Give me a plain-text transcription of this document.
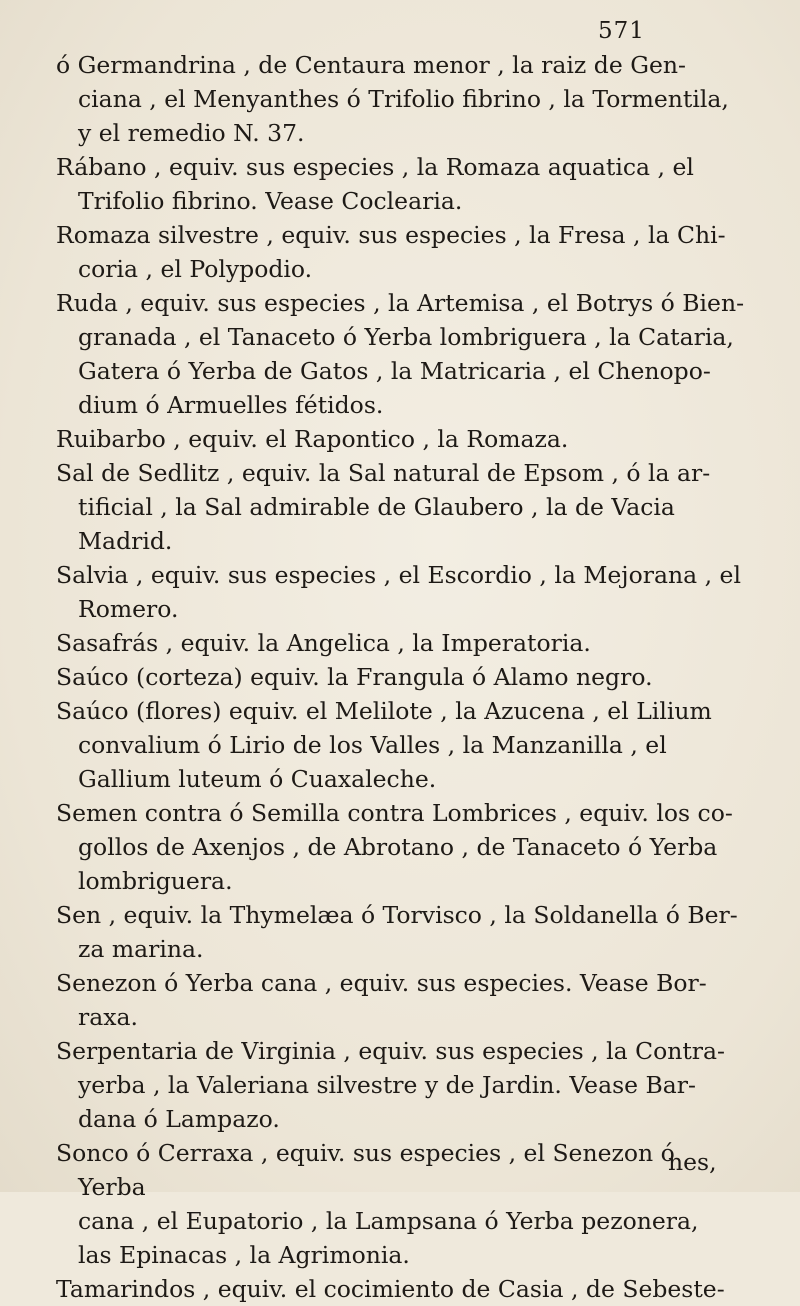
571

ó Germandrina , de Centaura menor , la raiz de Gen-
ciana , el Menyanthes ó Trifolio fibrino , la Tormentila,
y el remedio N. 37.

Rábano , equiv. sus especies , la Romaza aquatica , el
Trifolio fibrino. Vease Coclearia.

Romaza silvestre , equiv. sus especies , la Fresa , la Chi-
coria , el Polypodio.

Ruda , equiv. sus especies , la Artemisa , el Botrys ó Bien-
granada , el Tanaceto ó Yerba lombriguera , la Cataria,
Gatera ó Yerba de Gatos , la Matricaria , el Chenopo-
dium ó Armuelles fétidos.

Ruibarbo , equiv. el Rapontico , la Romaza.

Sal de Sedlitz , equiv. la Sal natural de Epsom , ó la ar-
tificial , la Sal admirable de Glaubero , la de Vacia
Madrid.

Salvia , equiv. sus especies , el Escordio , la Mejorana , el
Romero.

Sasafrás , equiv. la Angelica , la Imperatoria.

Saúco (corteza) equiv. la Frangula ó Alamo negro.

Saúco (flores) equiv. el Melilote , la Azucena , el Lilium
convalium ó Lirio de los Valles , la Manzanilla , el
Gallium luteum ó Cuaxaleche.

Semen contra ó Semilla contra Lombrices , equiv. los co-
gollos de Axenjos , de Abrotano , de Tanaceto ó Yerba
lombriguera.

Sen , equiv. la Thymelæa ó Torvisco , la Soldanella ó Ber-
za marina.

Senezon ó Yerba cana , equiv. sus especies. Vease Bor-
raxa.

Serpentaria de Virginia , equiv. sus especies , la Contra-
yerba , la Valeriana silvestre y de Jardin. Vease Bar-
dana ó Lampazo.

Sonco ó Cerraxa , equiv. sus especies , el Senezon ó Yerba
cana , el Eupatorio , la Lampsana ó Yerba pezonera,
las Epinacas , la Agrimonia.

Tamarindos , equiv. el cocimiento de Casia , de Sebeste-

nes,
